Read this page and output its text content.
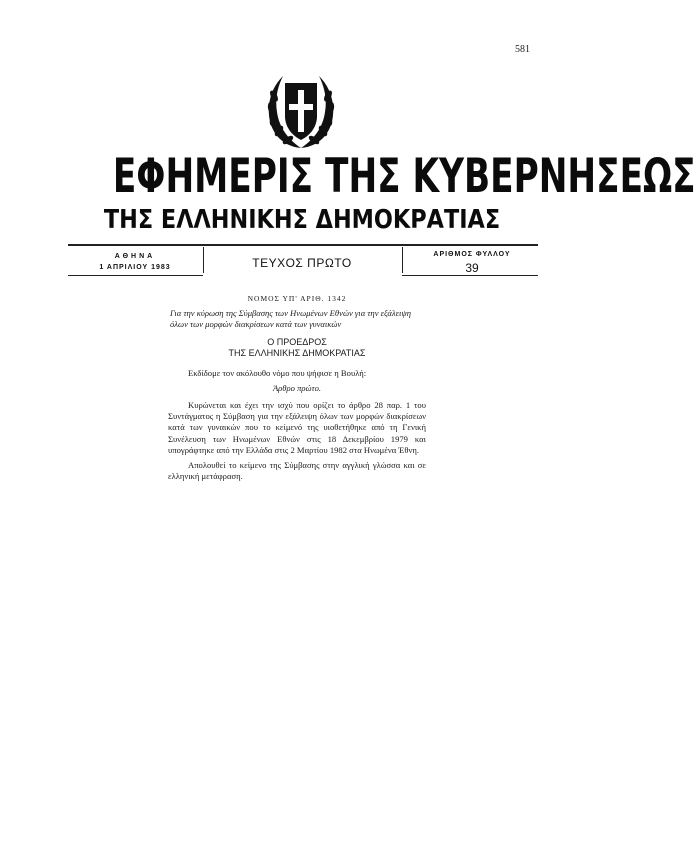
581
ΕΦΗΜΕΡΙΣ ΤΗΣ ΚΥΒΕΡΝΗΣΕΩΣ
ΤΗΣ ΕΛΛΗΝΙΚΗΣ ΔΗΜΟΚΡΑΤΙΑΣ
ΑΘΗΝΑ
1 ΑΠΡΙΛΙΟΥ 1983	ΤΕΥΧΟΣ ΠΡΩΤΟ
ΑΡΙΘΜΟΣ ΦΥΛΛΟΥ
39
ΝΟΜΟΣ ΥΠ' ΑΡΙΘ. 1342
Για την κύρωση της Σύμβασης των Ηνωμένων Εθνών για την εξάλειψη όλων των μορφών διακρίσεων κατά των γυναικών
Ο ΠΡΟΕΔΡΟΣ
ΤΗΣ ΕΛΛΗΝΙΚΗΣ ΔΗΜΟΚΡΑΤΙΑΣ

Εκδίδομε τον ακόλουθο νόμο που ψήφισε η Βουλή:

Άρθρο πρώτο.

Κυρώνεται και έχει την ισχύ που ορίζει το άρθρο 28 παρ. 1 του Συντάγματος η Σύμβαση για την εξάλειψη όλων των μορφών διακρίσεων κατά των γυναικών που το κείμενό της υιοθετήθηκε από τη Γενική Συνέλευση των Ηνωμένων Εθνών στις 18 Δεκεμβρίου 1979 και υπογράφτηκε από την Ελλάδα στις 2 Μαρτίου 1982 στα Ηνωμένα Έθνη.

Απολουθεί το κείμενο της Σύμβασης στην αγγλική γλώσσα και σε ελληνική μετάφραση.
